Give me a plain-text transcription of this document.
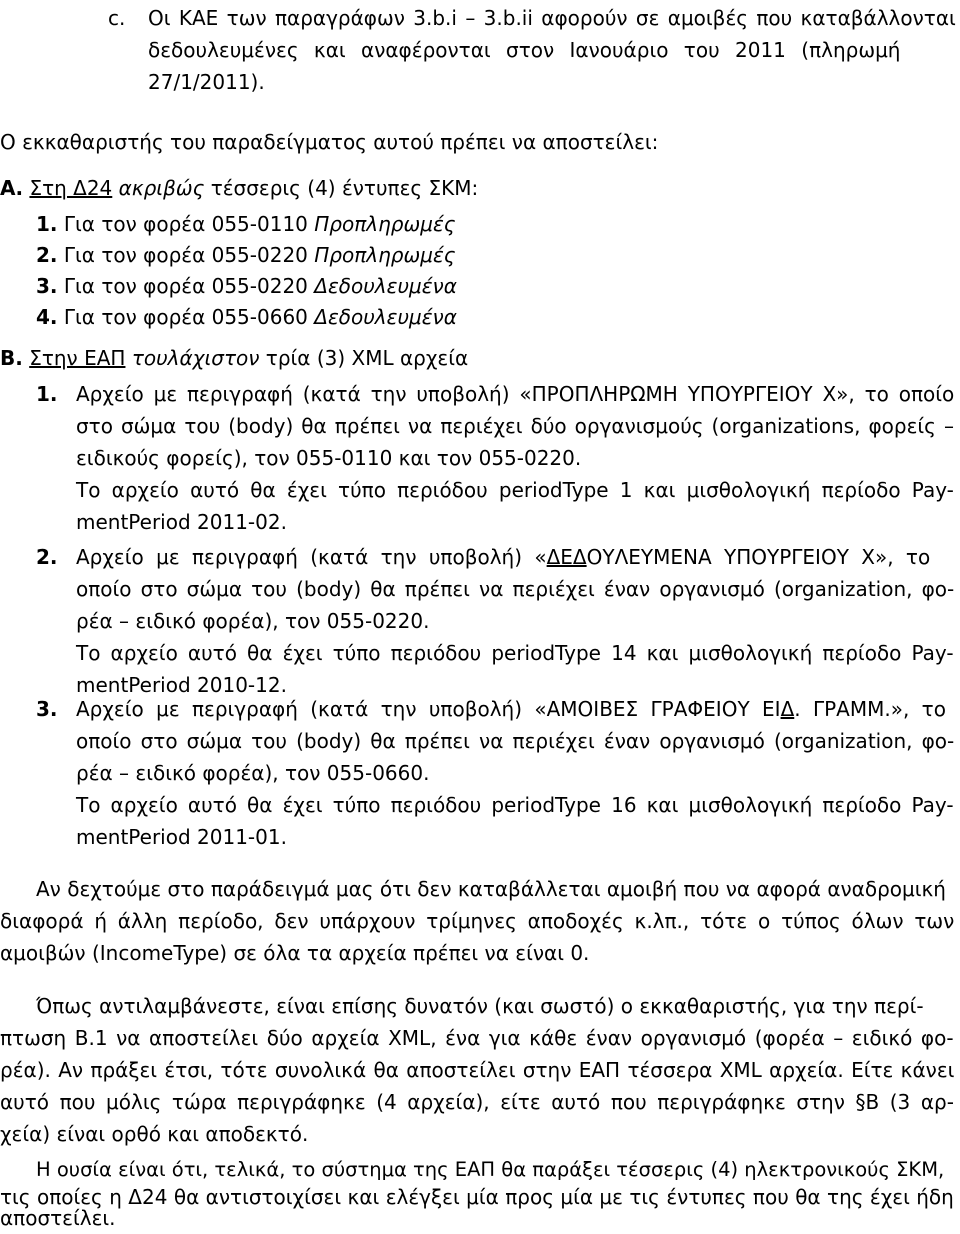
c. Οι ΚΑΕ των παραγράφων 3.b.i – 3.b.ii αφορούν σε αμοιβές που καταβάλλονται
δεδουλευμένες και αναφέρονται στον Ιανουάριο του 2011 (πληρωμή
27/1/2011).
Ο εκκαθαριστής του παραδείγματος αυτού πρέπει να αποστείλει:
Α. Στη Δ24 ακριβώς τέσσερις (4) έντυπες ΣΚΜ:
1. Για τον φορέα 055-0110 Προπληρωμές
2. Για τον φορέα 055-0220 Προπληρωμές
3. Για τον φορέα 055-0220 Δεδουλευμένα
4. Για τον φορέα 055-0660 Δεδουλευμένα
Β. Στην ΕΑΠ τουλάχιστον τρία (3) XML αρχεία
1. Αρχείο με περιγραφή (κατά την υποβολή) «ΠΡΟΠΛΗΡΩΜΗ ΥΠΟΥΡΓΕΙΟΥ Χ», το οποίο
στο σώμα του (body) θα πρέπει να περιέχει δύο οργανισμούς (organizations, φορείς –
ειδικούς φορείς), τον 055-0110 και τον 055-0220.
Το αρχείο αυτό θα έχει τύπο περιόδου periodType 1 και μισθολογική περίοδο Pay-
mentPeriod 2011-02.
2. Αρχείο με περιγραφή (κατά την υποβολή) «ΔΕΔΟΥΛΕΥΜΕΝΑ ΥΠΟΥΡΓΕΙΟΥ Χ», το
οποίο στο σώμα του (body) θα πρέπει να περιέχει έναν οργανισμό (organization, φο-
ρέα – ειδικό φορέα), τον 055-0220.
Το αρχείο αυτό θα έχει τύπο περιόδου periodType 14 και μισθολογική περίοδο Pay-
mentPeriod 2010-12.
3. Αρχείο με περιγραφή (κατά την υποβολή) «ΑΜΟΙΒΕΣ ΓΡΑΦΕΙΟΥ ΕΙΔ. ΓΡΑΜΜ.», το
οποίο στο σώμα του (body) θα πρέπει να περιέχει έναν οργανισμό (organization, φο-
ρέα – ειδικό φορέα), τον 055-0660.
Το αρχείο αυτό θα έχει τύπο περιόδου periodType 16 και μισθολογική περίοδο Pay-
mentPeriod 2011-01.
Αν δεχτούμε στο παράδειγμά μας ότι δεν καταβάλλεται αμοιβή που να αφορά αναδρομική
διαφορά ή άλλη περίοδο, δεν υπάρχουν τρίμηνες αποδοχές κ.λπ., τότε ο τύπος όλων των
αμοιβών (IncomeType) σε όλα τα αρχεία πρέπει να είναι 0.
Όπως αντιλαμβάνεστε, είναι επίσης δυνατόν (και σωστό) ο εκκαθαριστής, για την περί-
πτωση Β.1 να αποστείλει δύο αρχεία XML, ένα για κάθε έναν οργανισμό (φορέα – ειδικό φο-
ρέα). Αν πράξει έτσι, τότε συνολικά θα αποστείλει στην ΕΑΠ τέσσερα XML αρχεία. Είτε κάνει
αυτό που μόλις τώρα περιγράφηκε (4 αρχεία), είτε αυτό που περιγράφηκε στην §Β (3 αρ-
χεία) είναι ορθό και αποδεκτό.
Η ουσία είναι ότι, τελικά, το σύστημα της ΕΑΠ θα παράξει τέσσερις (4) ηλεκτρονικούς ΣΚΜ,
τις οποίες η Δ24 θα αντιστοιχίσει και ελέγξει μία προς μία με τις έντυπες που θα της έχει ήδη
αποστείλει.
